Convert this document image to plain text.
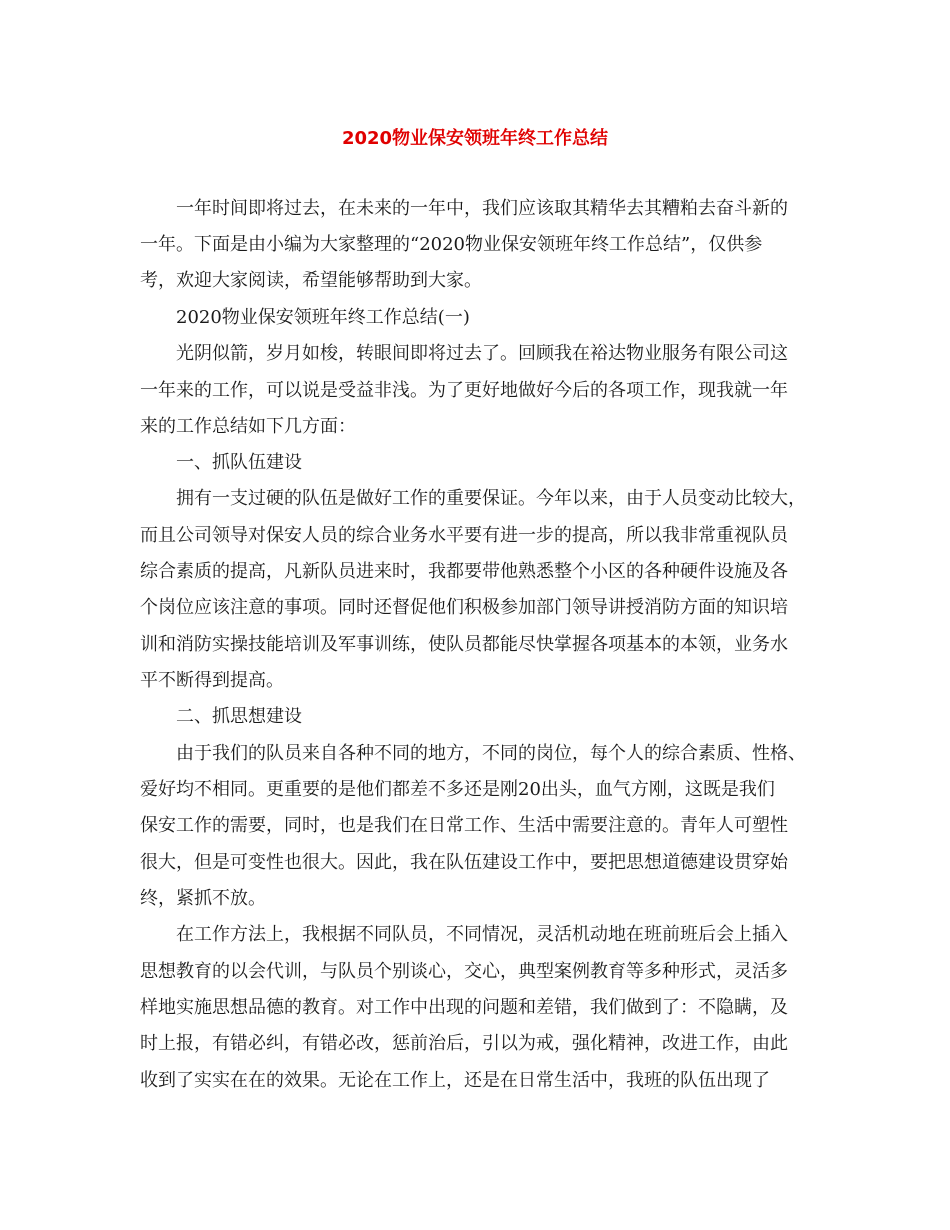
2020物业保安领班年终工作总结
一年时间即将过去，在未来的一年中，我们应该取其精华去其糟粕去奋斗新的
一年。下面是由小编为大家整理的“2020物业保安领班年终工作总结”，仅供参
考，欢迎大家阅读，希望能够帮助到大家。
2020物业保安领班年终工作总结(一)
光阴似箭，岁月如梭，转眼间即将过去了。回顾我在裕达物业服务有限公司这
一年来的工作，可以说是受益非浅。为了更好地做好今后的各项工作，现我就一年
来的工作总结如下几方面：
一、抓队伍建设
拥有一支过硬的队伍是做好工作的重要保证。今年以来，由于人员变动比较大，
而且公司领导对保安人员的综合业务水平要有进一步的提高，所以我非常重视队员
综合素质的提高，凡新队员进来时，我都要带他熟悉整个小区的各种硬件设施及各
个岗位应该注意的事项。同时还督促他们积极参加部门领导讲授消防方面的知识培
训和消防实操技能培训及军事训练，使队员都能尽快掌握各项基本的本领，业务水
平不断得到提高。
二、抓思想建设
由于我们的队员来自各种不同的地方，不同的岗位，每个人的综合素质、性格、
爱好均不相同。更重要的是他们都差不多还是刚20出头，血气方刚，这既是我们
保安工作的需要，同时，也是我们在日常工作、生活中需要注意的。青年人可塑性
很大，但是可变性也很大。因此，我在队伍建设工作中，要把思想道德建设贯穿始
终，紧抓不放。
在工作方法上，我根据不同队员，不同情况，灵活机动地在班前班后会上插入
思想教育的以会代训，与队员个别谈心，交心，典型案例教育等多种形式，灵活多
样地实施思想品德的教育。对工作中出现的问题和差错，我们做到了：不隐瞒，及
时上报，有错必纠，有错必改，惩前治后，引以为戒，强化精神，改进工作，由此
收到了实实在在的效果。无论在工作上，还是在日常生活中，我班的队伍出现了
